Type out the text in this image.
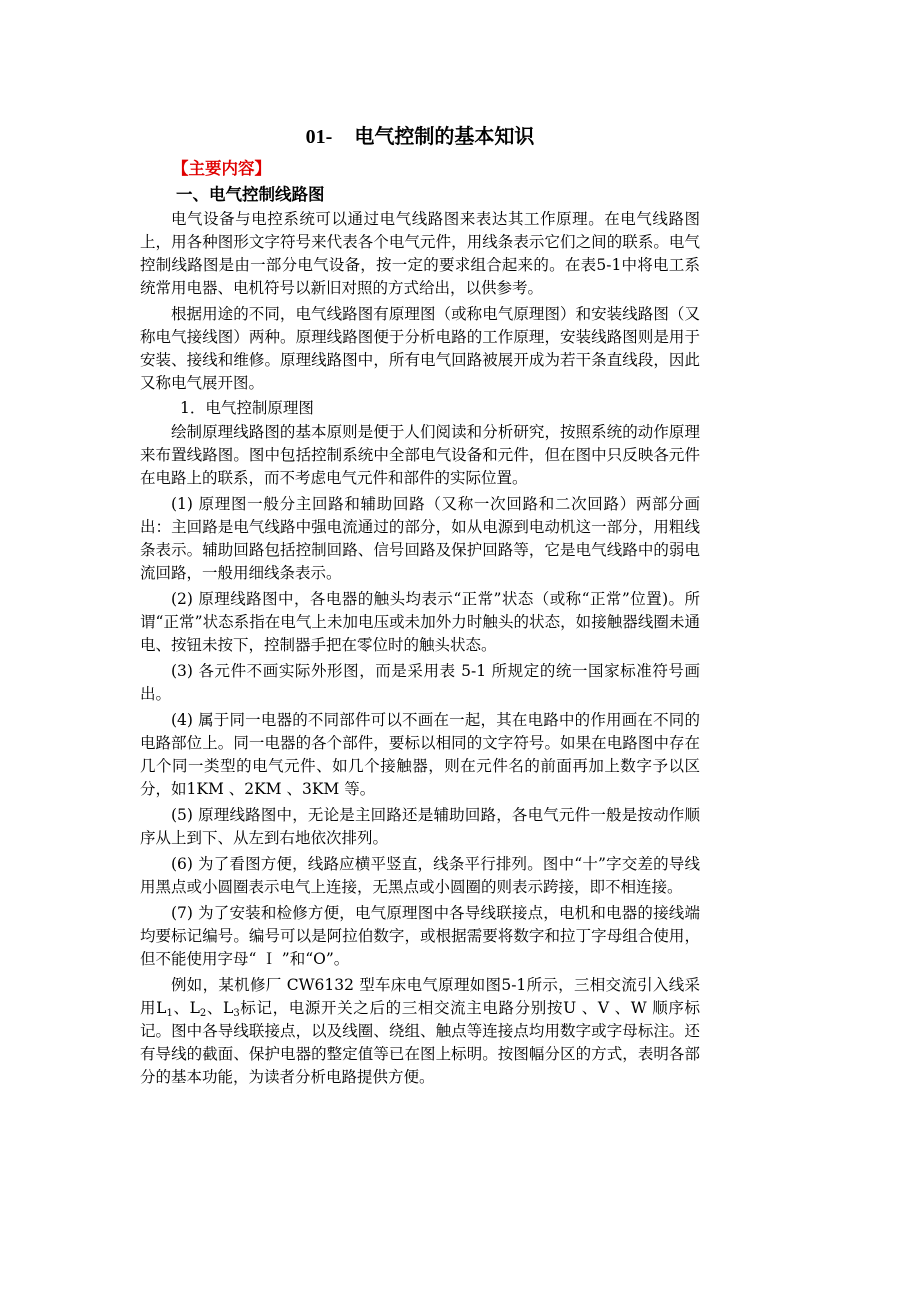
01- 电气控制的基本知识
【主要内容】
一、电气控制线路图

电气设备与电控系统可以通过电气线路图来表达其工作原理。在电气线路图上，用各种图形文字符号来代表各个电气元件，用线条表示它们之间的联系。电气控制线路图是由一部分电气设备，按一定的要求组合起来的。在表5-1中将电工系统常用电器、电机符号以新旧对照的方式给出，以供参考。

根据用途的不同，电气线路图有原理图（或称电气原理图）和安装线路图（又称电气接线图）两种。原理线路图便于分析电路的工作原理，安装线路图则是用于安装、接线和维修。原理线路图中，所有电气回路被展开成为若干条直线段，因此又称电气展开图。

1．电气控制原理图

绘制原理线路图的基本原则是便于人们阅读和分析研究，按照系统的动作原理来布置线路图。图中包括控制系统中全部电气设备和元件，但在图中只反映各元件在电路上的联系，而不考虑电气元件和部件的实际位置。

(1) 原理图一般分主回路和辅助回路（又称一次回路和二次回路）两部分画出：主回路是电气线路中强电流通过的部分，如从电源到电动机这一部分，用粗线条表示。辅助回路包括控制回路、信号回路及保护回路等，它是电气线路中的弱电流回路，一般用细线条表示。

(2) 原理线路图中，各电器的触头均表示“正常”状态（或称“正常”位置)。所谓“正常”状态系指在电气上未加电压或未加外力时触头的状态，如接触器线圈未通电、按钮未按下，控制器手把在零位时的触头状态。

(3) 各元件不画实际外形图，而是采用表 5-1 所规定的统一国家标准符号画出。

(4) 属于同一电器的不同部件可以不画在一起，其在电路中的作用画在不同的电路部位上。同一电器的各个部件，要标以相同的文字符号。如果在电路图中存在几个同一类型的电气元件、如几个接触器，则在元件名的前面再加上数字予以区分，如1KM 、2KM 、3KM 等。

(5) 原理线路图中，无论是主回路还是辅助回路，各电气元件一般是按动作顺序从上到下、从左到右地依次排列。

(6) 为了看图方便，线路应横平竖直，线条平行排列。图中“十”字交差的导线用黑点或小圆圈表示电气上连接，无黑点或小圆圈的则表示跨接，即不相连接。

(7) 为了安装和检修方便，电气原理图中各导线联接点，电机和电器的接线端均要标记编号。编号可以是阿拉伯数字，或根据需要将数字和拉丁字母组合使用，但不能使用字母“ Ｉ ”和“O”。

例如，某机修厂 CW6132 型车床电气原理如图5-1所示，三相交流引入线采用$L_1$、$L_2$、$L_3$标记，电源开关之后的三相交流主电路分别按U 、V 、W 顺序标记。图中各导线联接点，以及线圈、绕组、触点等连接点均用数字或字母标注。还有导线的截面、保护电器的整定值等已在图上标明。按图幅分区的方式，表明各部分的基本功能，为读者分析电路提供方便。
